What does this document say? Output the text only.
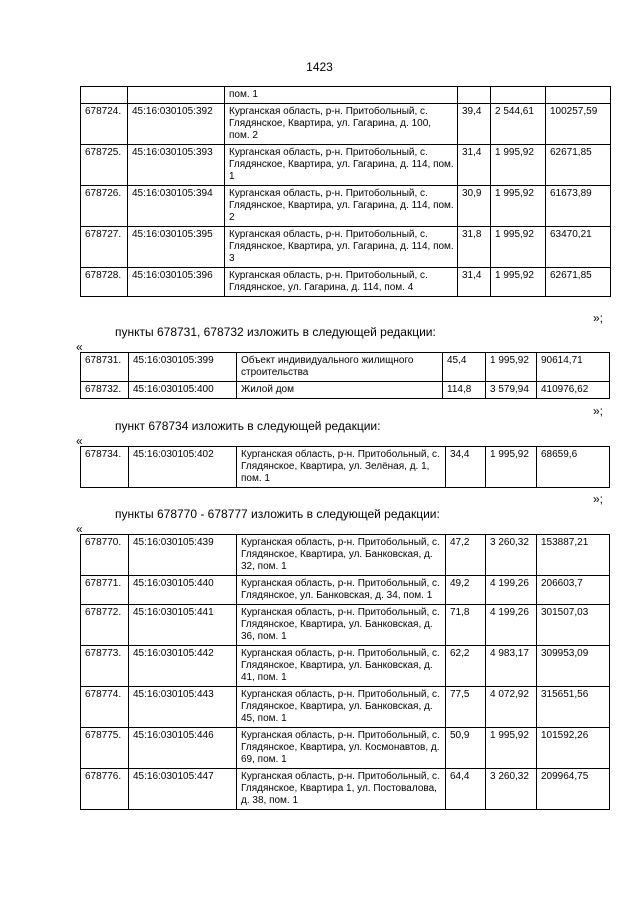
1423
		пом. 1			
678724.	45:16:030105:392	Курганская область, р-н. Притобольный, с. Глядянское, Квартира, ул. Гагарина, д. 100, пом. 2	39,4	2 544,61	100257,59
678725.	45:16:030105:393	Курганская область, р-н. Притобольный, с. Глядянское, Квартира, ул. Гагарина, д. 114, пом. 1	31,4	1 995,92	62671,85
678726.	45:16:030105:394	Курганская область, р-н. Притобольный, с. Глядянское, Квартира, ул. Гагарина, д. 114, пом. 2	30,9	1 995,92	61673,89
678727.	45:16:030105:395	Курганская область, р-н. Притобольный, с. Глядянское, Квартира, ул. Гагарина, д. 114, пом. 3	31,8	1 995,92	63470,21
678728.	45:16:030105:396	Курганская область, р-н. Притобольный, с. Глядянское, ул. Гагарина, д. 114, пом. 4	31,4	1 995,92	62671,85
»;
пункты 678731, 678732 изложить в следующей редакции:
«
678731.	45:16:030105:399	Объект индивидуального жилищного строительства	45,4	1 995,92	90614,71
678732.	45:16:030105:400	Жилой дом	114,8	3 579,94	410976,62
»;
пункт 678734 изложить в следующей редакции:
«
678734.	45:16:030105:402	Курганская область, р-н. Притобольный, с. Глядянское, Квартира, ул. Зелёная, д. 1, пом. 1	34,4	1 995,92	68659,6
»;
пункты 678770 - 678777 изложить в следующей редакции:
«
678770.	45:16:030105:439	Курганская область, р-н. Притобольный, с. Глядянское, Квартира, ул. Банковская, д. 32, пом. 1	47,2	3 260,32	153887,21
678771.	45:16:030105:440	Курганская область, р-н. Притобольный, с. Глядянское, ул. Банковская, д. 34, пом. 1	49,2	4 199,26	206603,7
678772.	45:16:030105:441	Курганская область, р-н. Притобольный, с. Глядянское, Квартира, ул. Банковская, д. 36, пом. 1	71,8	4 199,26	301507,03
678773.	45:16:030105:442	Курганская область, р-н. Притобольный, с. Глядянское, Квартира, ул. Банковская, д. 41, пом. 1	62,2	4 983,17	309953,09
678774.	45:16:030105:443	Курганская область, р-н. Притобольный, с. Глядянское, Квартира, ул. Банковская, д. 45, пом. 1	77,5	4 072,92	315651,56
678775.	45:16:030105:446	Курганская область, р-н. Притобольный, с. Глядянское, Квартира, ул. Космонавтов, д. 69, пом. 1	50,9	1 995,92	101592,26
678776.	45:16:030105:447	Курганская область, р-н. Притобольный, с. Глядянское, Квартира 1, ул. Постовалова, д. 38, пом. 1	64,4	3 260,32	209964,75
